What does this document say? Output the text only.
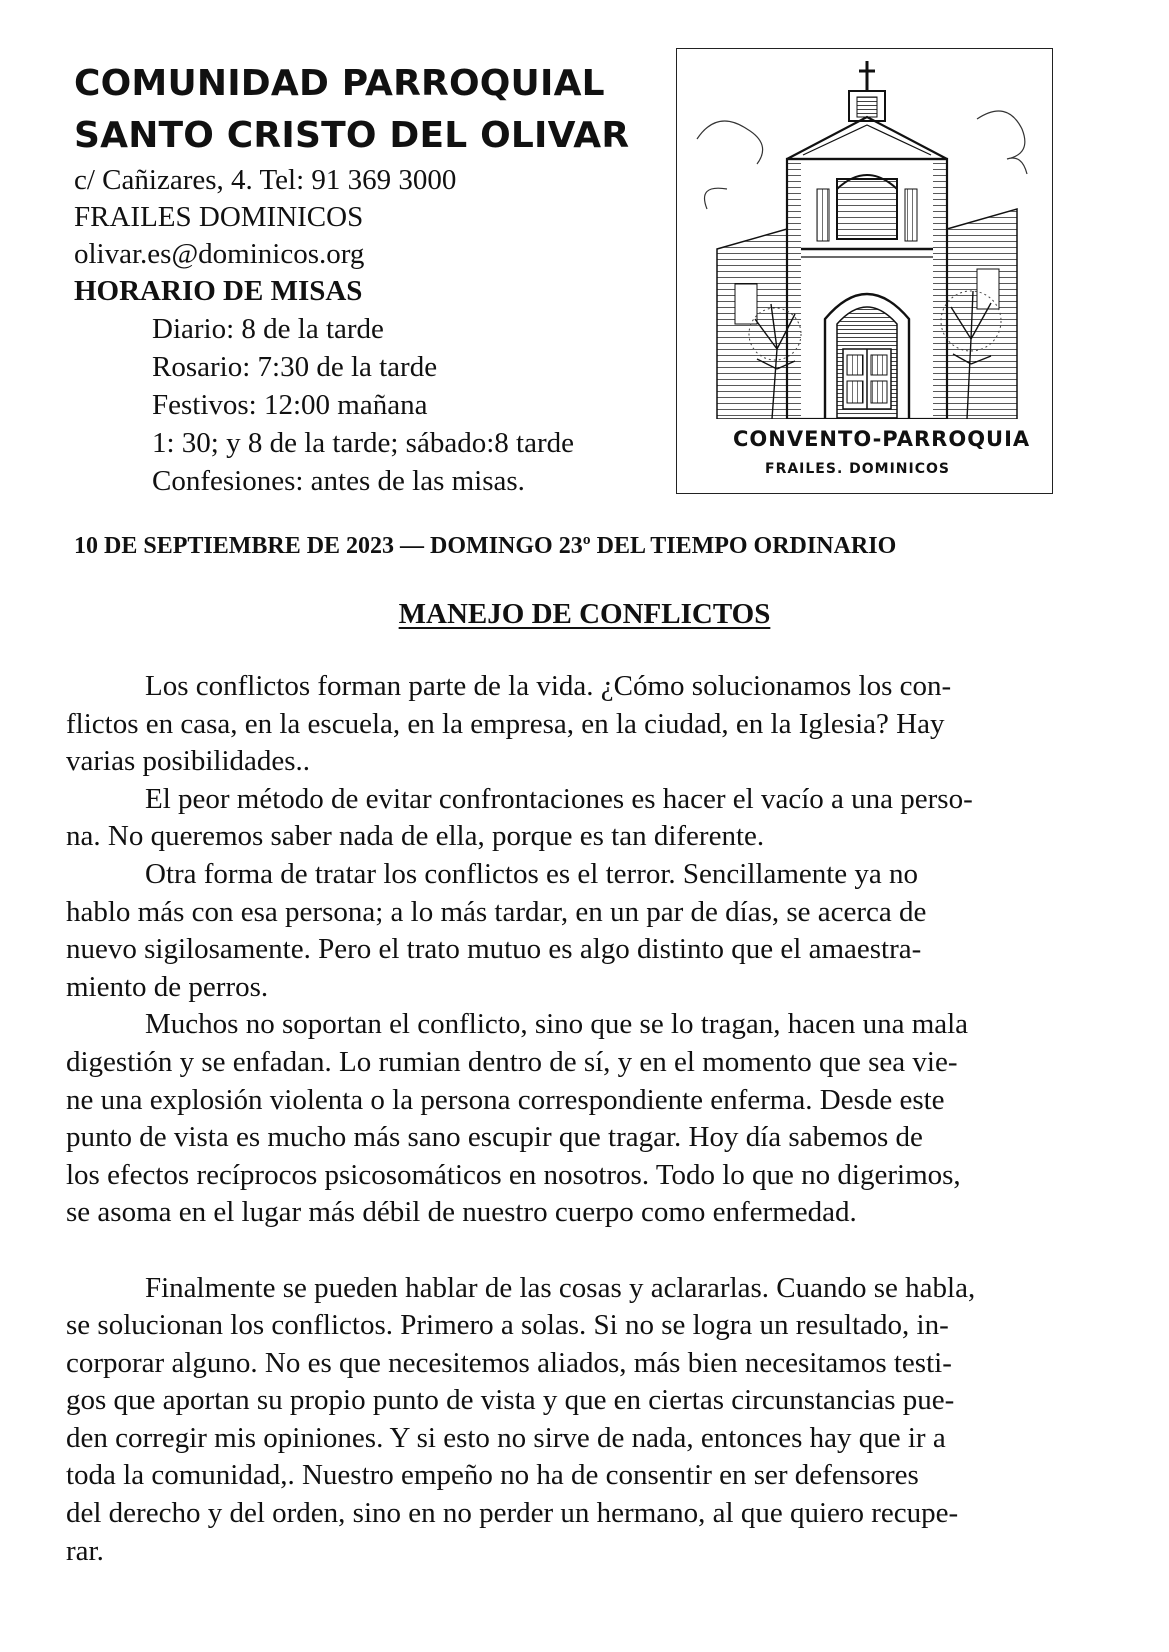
COMUNIDAD PARROQUIAL
SANTO CRISTO DEL OLIVAR
c/ Cañizares, 4. Tel: 91 369 3000
FRAILES DOMINICOS
olivar.es@dominicos.org
HORARIO DE MISAS
Diario: 8 de la tarde
Rosario: 7:30 de la tarde
Festivos: 12:00 mañana
1: 30; y 8 de la tarde; sábado:8 tarde
Confesiones: antes de las misas.
CONVENTO-PARROQUIA
FRAILES. DOMINICOS
10 DE SEPTIEMBRE DE 2023 — DOMINGO 23º DEL TIEMPO ORDINARIO
MANEJO DE CONFLICTOS
Los conflictos forman parte de la vida. ¿Cómo solucionamos los con-
flictos en casa, en la escuela, en la empresa, en la ciudad, en la Iglesia? Hay
varias posibilidades..
El peor método de evitar confrontaciones es hacer el vacío a una perso-
na. No queremos saber nada de ella, porque es tan diferente.
Otra forma de tratar los conflictos es el terror. Sencillamente ya no
hablo más con esa persona; a lo más tardar, en un par de días, se acerca de
nuevo sigilosamente. Pero el trato mutuo es algo distinto que el amaestra-
miento de perros.
Muchos no soportan el conflicto, sino que se lo tragan, hacen una mala
digestión y se enfadan. Lo rumian dentro de sí, y en el momento que sea vie-
ne una explosión violenta o la persona correspondiente enferma. Desde este
punto de vista es mucho más sano escupir que tragar. Hoy día sabemos de
los efectos recíprocos psicosomáticos en nosotros. Todo lo que no digerimos,
se asoma en el lugar más débil de nuestro cuerpo como enfermedad.
Finalmente se pueden hablar de las cosas y aclararlas. Cuando se habla,
se solucionan los conflictos. Primero a solas. Si no se logra un resultado, in-
corporar alguno. No es que necesitemos aliados, más bien necesitamos testi-
gos que aportan su propio punto de vista y que en ciertas circunstancias pue-
den corregir mis opiniones. Y si esto no sirve de nada, entonces hay que ir a
toda la comunidad,. Nuestro empeño no ha de consentir en ser defensores
del derecho y del orden, sino en no perder un hermano, al que quiero recupe-
rar.
